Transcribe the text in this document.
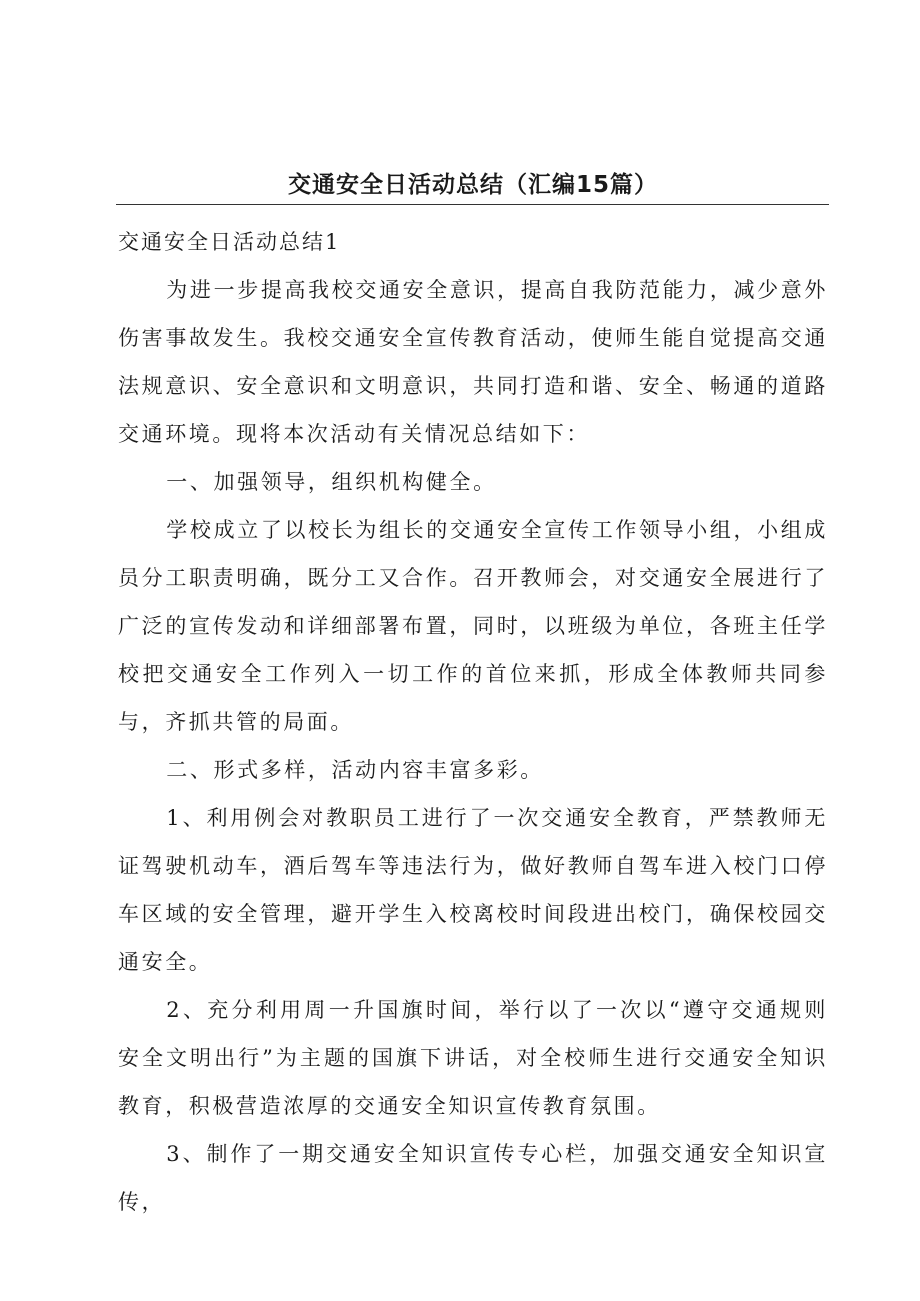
交通安全日活动总结（汇编15篇）

交通安全日活动总结1

为进一步提高我校交通安全意识，提高自我防范能力，减少意外伤害事故发生。我校交通安全宣传教育活动，使师生能自觉提高交通法规意识、安全意识和文明意识，共同打造和谐、安全、畅通的道路交通环境。现将本次活动有关情况总结如下：

一、加强领导，组织机构健全。

学校成立了以校长为组长的交通安全宣传工作领导小组，小组成员分工职责明确，既分工又合作。召开教师会，对交通安全展进行了广泛的宣传发动和详细部署布置，同时，以班级为单位，各班主任学校把交通安全工作列入一切工作的首位来抓，形成全体教师共同参与，齐抓共管的局面。

二、形式多样，活动内容丰富多彩。

1、利用例会对教职员工进行了一次交通安全教育，严禁教师无证驾驶机动车，酒后驾车等违法行为，做好教师自驾车进入校门口停车区域的安全管理，避开学生入校离校时间段进出校门，确保校园交通安全。

2、充分利用周一升国旗时间，举行以了一次以“遵守交通规则安全文明出行”为主题的国旗下讲话，对全校师生进行交通安全知识教育，积极营造浓厚的交通安全知识宣传教育氛围。

3、制作了一期交通安全知识宣传专心栏，加强交通安全知识宣传，
